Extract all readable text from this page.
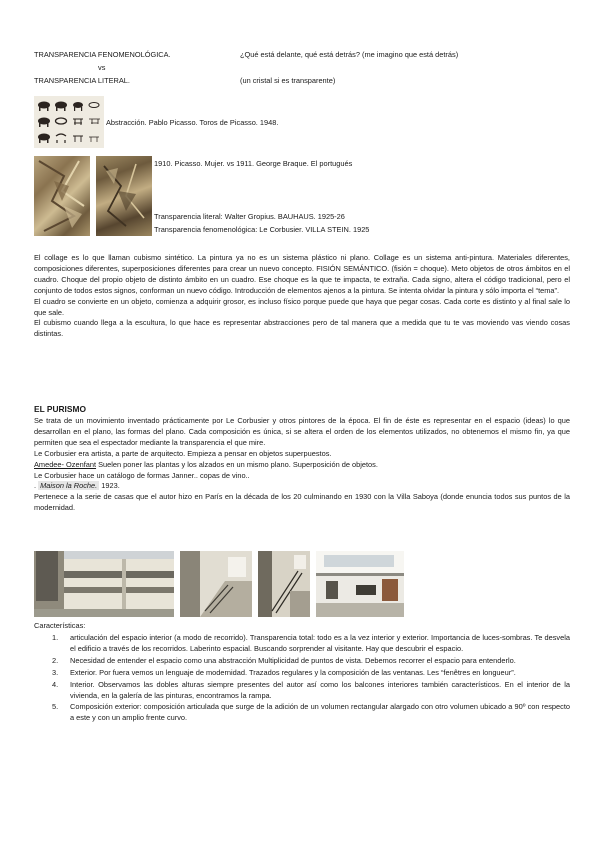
TRANSPARENCIA FENOMENOLÓGICA.
vs
TRANSPARENCIA LITERAL.
¿Qué está delante, qué está detrás? (me imagino que está detrás)
(un cristal si es transparente)
Abstracción. Pablo Picasso. Toros de Picasso. 1948.
1910. Picasso. Mujer. vs 1911. George Braque. El portugués
Transparencia literal: Walter Gropius. BAUHAUS. 1925-26
Transparencia fenomenológica: Le Corbusier. VILLA STEIN. 1925

El collage es lo que llaman cubismo sintético. La pintura ya no es un sistema plástico ni plano. Collage es un sistema anti-pintura. Materiales diferentes, composiciones diferentes, superposiciones diferentes para crear un nuevo concepto. FISIÓN SEMÁNTICO. (fisión = choque). Meto objetos de otros ámbitos en el cuadro. Choque del propio objeto de distinto ámbito en un cuadro. Ese choque es la que te impacta, te extraña. Cada signo, altera el código tradicional, pero el conjunto de todos estos signos, conforman un nuevo código. Introducción de elementos ajenos a la pintura. Se intenta olvidar la pintura y sólo importa el “tema”.

El cuadro se convierte en un objeto, comienza a adquirir grosor, es incluso físico porque puede que haya que pegar cosas. Cada corte es distinto y al final sale lo que sale.

El cubismo cuando llega a la escultura, lo que hace es representar abstracciones pero de tal manera que a medida que tu te vas moviendo vas viendo cosas distintas.

EL PURISMO

Se trata de un movimiento inventado prácticamente por Le Corbusier y otros pintores de la época. El fin de éste es representar en el espacio (ideas) lo que desarrollan en el plano, las formas del plano. Cada composición es única, si se altera el orden de los elementos utilizados, no obtenemos el mismo fin, ya que permiten que sea el espectador mediante la transparencia el que mire.

Le Corbusier era artista, a parte de arquitecto. Empieza a pensar en objetos superpuestos.

Amedee- Ozenfant Suelen poner las plantas y los alzados en un mismo plano. Superposición de objetos.

Le Corbusier hace un catálogo de formas Janner.. copas de vino..

. Maison la Roche. 1923.

Pertenece a la serie de casas que el autor hizo en París en la década de los 20 culminando en 1930 con la Villa Saboya (donde enuncia todos sus puntos de la modernidad.

Características:
1. articulación del espacio interior (a modo de recorrido). Transparencia total: todo es a la vez interior y exterior. Importancia de luces-sombras. Te desvela el edificio a través de los recorridos. Laberinto espacial. Buscando sorprender al visitante. Hay que descubrir el espacio.
2. Necesidad de entender el espacio como una abstracción Multiplicidad de puntos de vista. Debemos recorrer el espacio para entenderlo.
3. Exterior. Por fuera vemos un lenguaje de modernidad. Trazados regulares y la composición de las ventanas. Les “fenêtres en longueur”.
4. Interior. Observamos las dobles alturas siempre presentes del autor así como los balcones interiores también característicos. En el interior de la vivienda, en la galería de las pinturas, encontramos la rampa.
5. Composición exterior: composición articulada que surge de la adición de un volumen rectangular alargado con otro volumen ubicado a 90º con respecto a este y con un amplio frente curvo.
